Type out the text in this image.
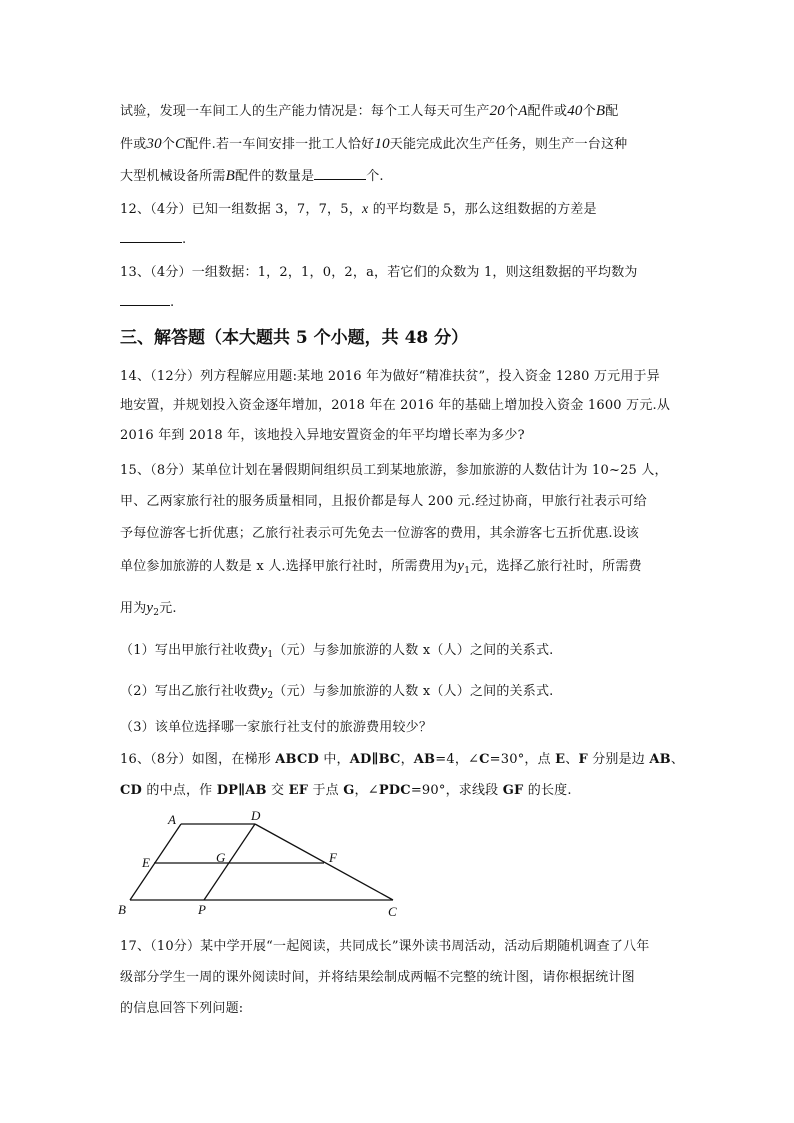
试验，发现一车间工人的生产能力情况是：每个工人每天可生产20个A配件或40个B配
件或30个C配件.若一车间安排一批工人恰好10天能完成此次生产任务，则生产一台这种
大型机械设备所需B配件的数量是	个.
12、（4分）已知一组数据 3，7，7，5，x 的平均数是 5，那么这组数据的方差是
.
13、（4分）一组数据：1，2，1，0，2，a，若它们的众数为 1，则这组数据的平均数为
.
三、解答题（本大题共 5 个小题，共 48 分）
14、（12分）列方程解应用题:某地 2016 年为做好“精准扶贫”，投入资金 1280 万元用于异
地安置，并规划投入资金逐年增加，2018 年在 2016 年的基础上增加投入资金 1600 万元.从
2016 年到 2018 年，该地投入异地安置资金的年平均增长率为多少?
15、（8分）某单位计划在暑假期间组织员工到某地旅游，参加旅游的人数估计为 10~25 人，
甲、乙两家旅行社的服务质量相同，且报价都是每人 200 元.经过协商，甲旅行社表示可给
予每位游客七折优惠；乙旅行社表示可先免去一位游客的费用，其余游客七五折优惠.设该
单位参加旅游的人数是 x 人.选择甲旅行社时，所需费用为$y_1$元，选择乙旅行社时，所需费
用为$y_2$元.
（1）写出甲旅行社收费$y_1$（元）与参加旅游的人数 x（人）之间的关系式.
（2）写出乙旅行社收费$y_2$（元）与参加旅游的人数 x（人）之间的关系式.
（3）该单位选择哪一家旅行社支付的旅游费用较少？
16、（8分）如图，在梯形 ABCD 中，AD∥BC，AB=4，∠C=30°，点 E、F 分别是边 AB、
CD 的中点，作 DP∥AB 交 EF 于点 G，∠PDC=90°，求线段 GF 的长度.
A	D
E	G	F
B	P	C
17、（10分）某中学开展“一起阅读，共同成长”课外读书周活动，活动后期随机调查了八年
级部分学生一周的课外阅读时间，并将结果绘制成两幅不完整的统计图，请你根据统计图
的信息回答下列问题:
